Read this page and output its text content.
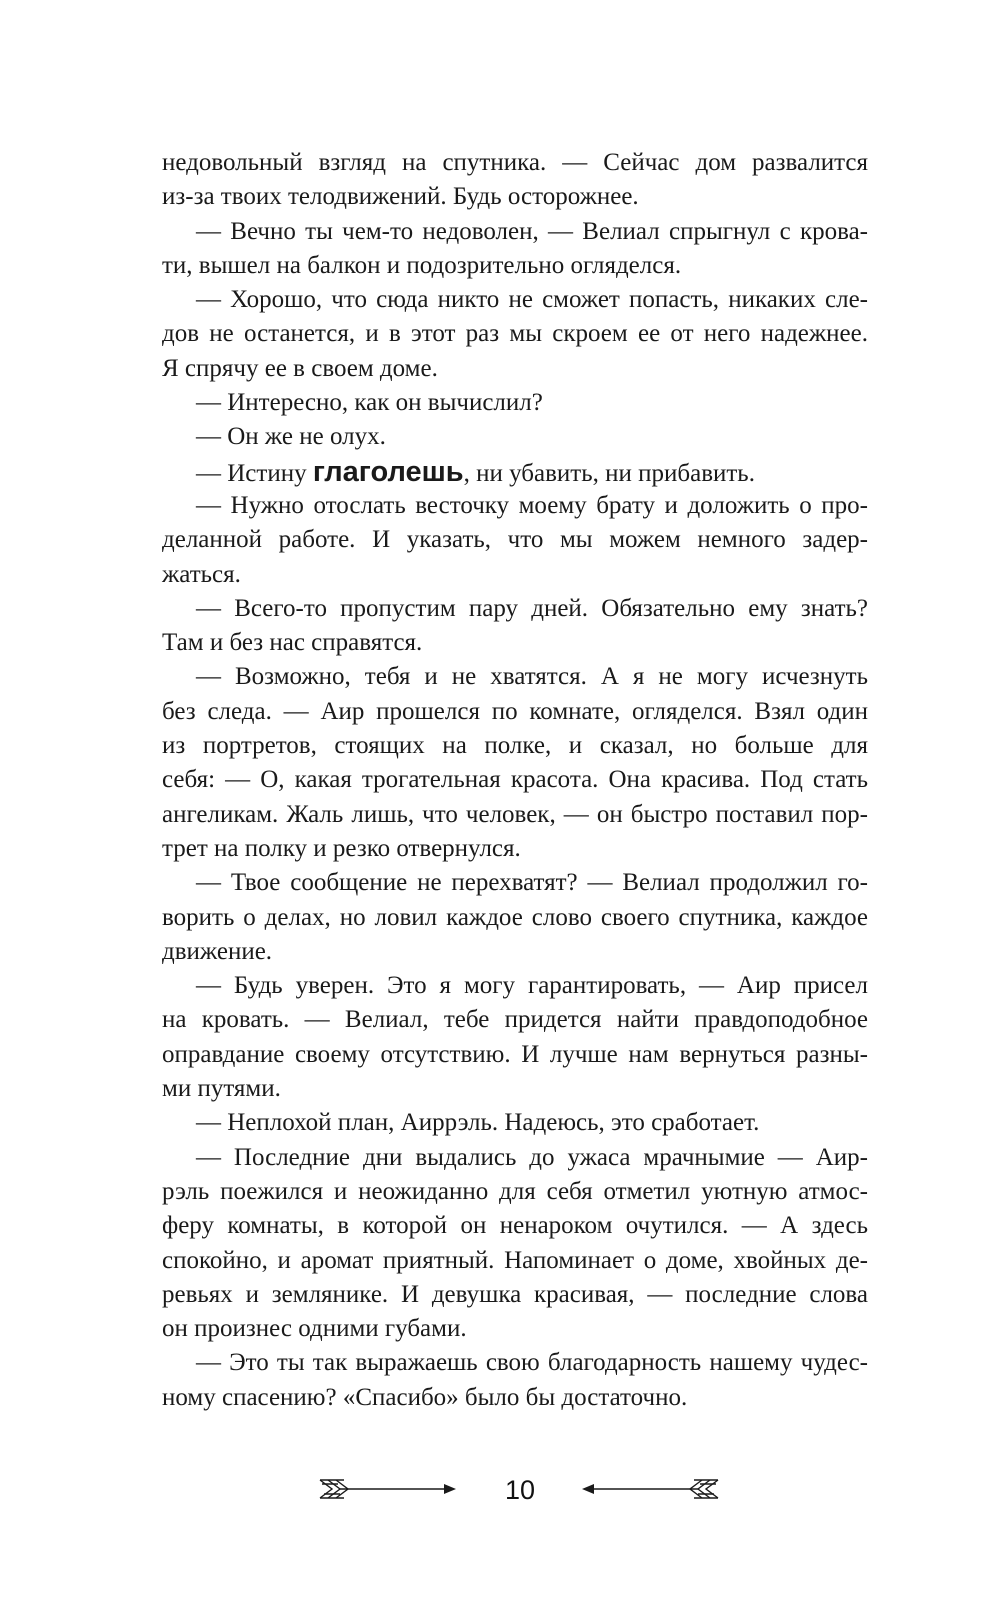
недовольный взгляд на спутника. — Сейчас дом развалится
из-за твоих телодвижений. Будь осторожнее.
— Вечно ты чем-то недоволен, — Велиал спрыгнул с крова-
ти, вышел на балкон и подозрительно огляделся.
— Хорошо, что сюда никто не сможет попасть, никаких сле-
дов не останется, и в этот раз мы скроем ее от него надежнее.
Я спрячу ее в своем доме.
— Интересно, как он вычислил?
— Он же не олух.
— Истину глаголешь, ни убавить, ни прибавить.
— Нужно отослать весточку моему брату и доложить о про-
деланной работе. И указать, что мы можем немного задер-
жаться.
— Всего-то пропустим пару дней. Обязательно ему знать?
Там и без нас справятся.
— Возможно, тебя и не хватятся. А я не могу исчезнуть
без следа. — Аир прошелся по комнате, огляделся. Взял один
из портретов, стоящих на полке, и сказал, но больше для
себя: — О, какая трогательная красота. Она красива. Под стать
ангеликам. Жаль лишь, что человек, — он быстро поставил пор-
трет на полку и резко отвернулся.
— Твое сообщение не перехватят? — Велиал продолжил го-
ворить о делах, но ловил каждое слово своего спутника, каждое
движение.
— Будь уверен. Это я могу гарантировать, — Аир присел
на кровать. — Велиал, тебе придется найти правдоподобное
оправдание своему отсутствию. И лучше нам вернуться разны-
ми путями.
— Неплохой план, Аиррэль. Надеюсь, это сработает.
— Последние дни выдались до ужаса мрачнымие — Аир-
рэль поежился и неожиданно для себя отметил уютную атмос-
феру комнаты, в которой он ненароком очутился. — А здесь
спокойно, и аромат приятный. Напоминает о доме, хвойных де-
ревьях и землянике. И девушка красивая, — последние слова
он произнес одними губами.
— Это ты так выражаешь свою благодарность нашему чудес-
ному спасению? «Спасибо» было бы достаточно.
10
